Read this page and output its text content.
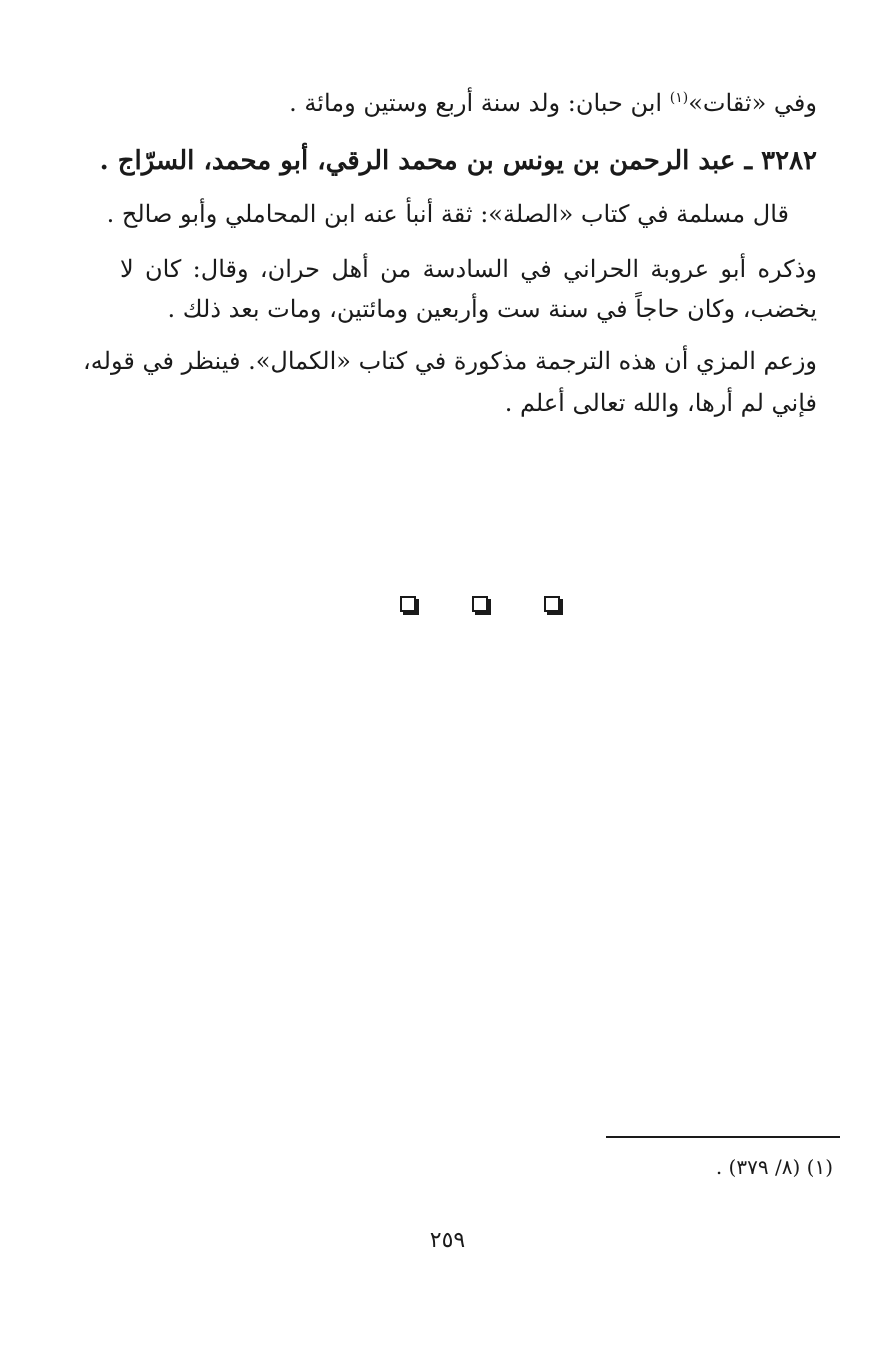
وفي «ثقات»$^{(١)}$ ابن حبان: ولد سنة أربع وستين ومائة .
٣٢٨٢ ـ عبد الرحمن بن يونس بن محمد الرقي، أبو محمد، السرّاج .
قال مسلمة في كتاب «الصلة»: ثقة أنبأ عنه ابن المحاملي وأبو صالح .
وذكره أبو عروبة الحراني في السادسة من أهل حران، وقال: كان لا
يخضب، وكان حاجاً في سنة ست وأربعين ومائتين، ومات بعد ذلك .
وزعم المزي أن هذه الترجمة مذكورة في كتاب «الكمال». فينظر في قوله،
فإني لم أرها، والله تعالى أعلم .
(١) (٨/ ٣٧٩) .
٢٥٩
